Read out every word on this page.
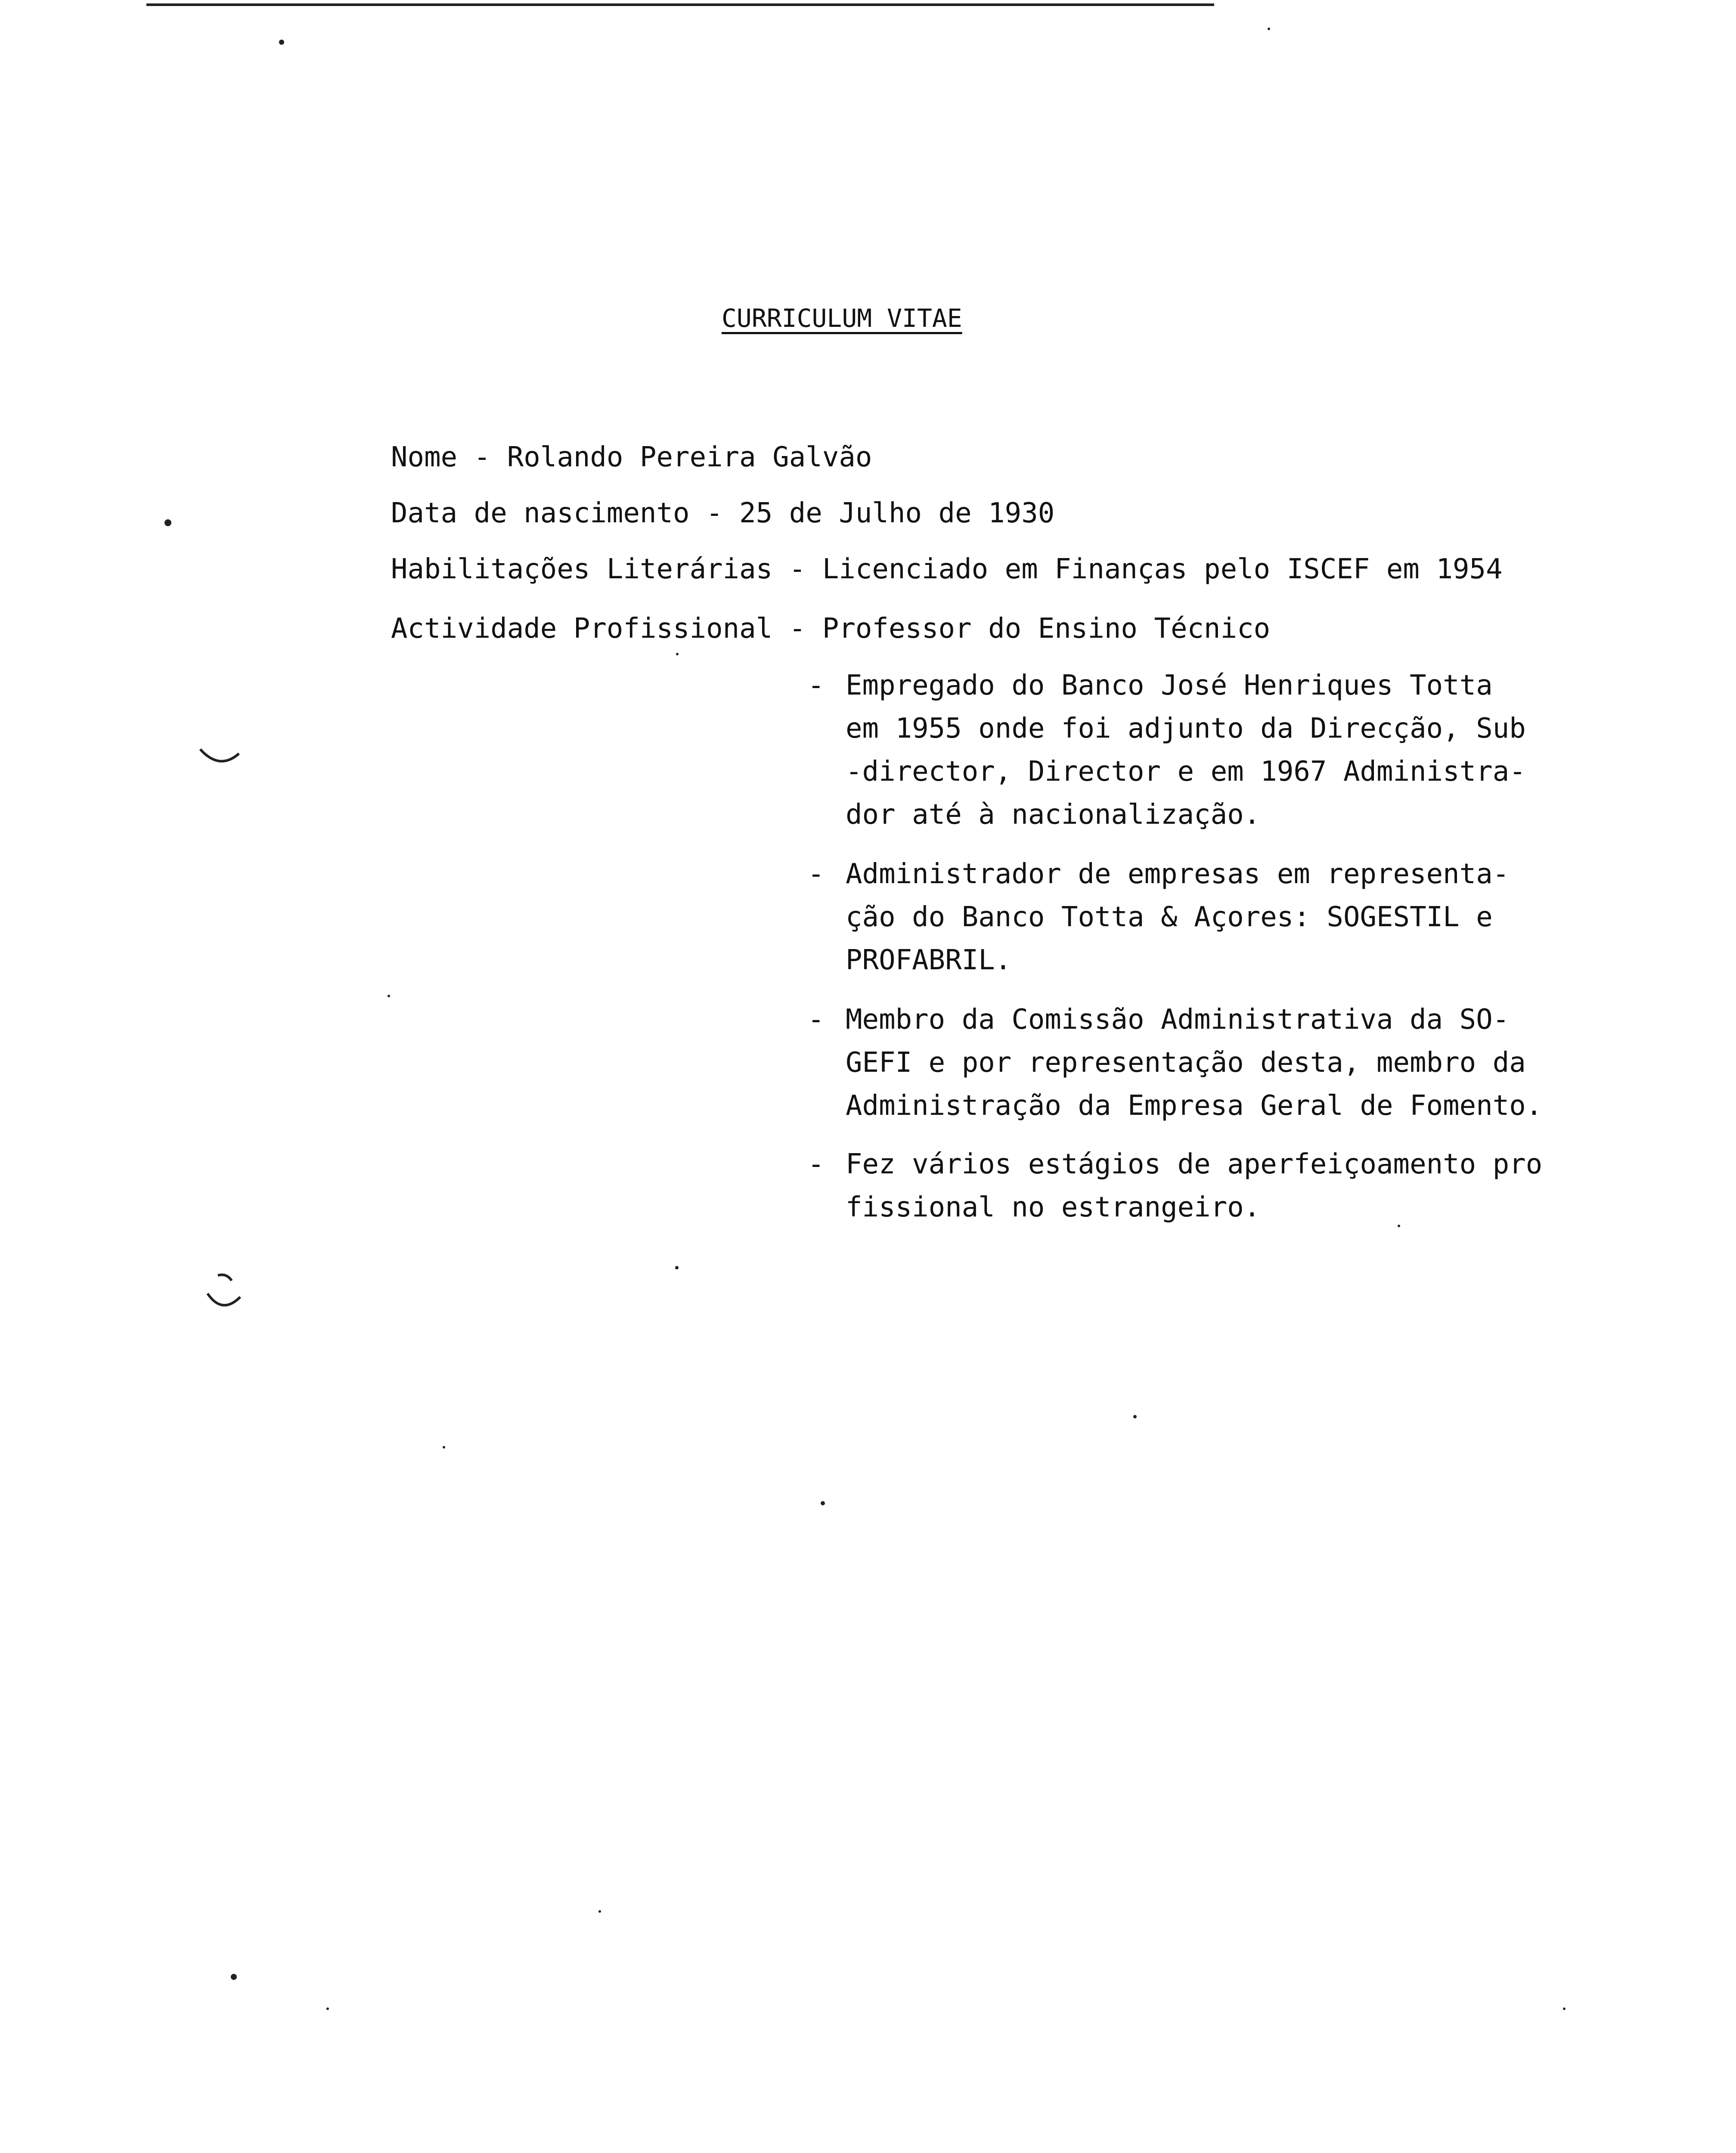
CURRICULUM VITAE
Nome - Rolando Pereira Galvão
Data de nascimento - 25 de Julho de 1930
Habilitações Literárias - Licenciado em Finanças pelo ISCEF em 1954
Actividade Profissional - Professor do Ensino Técnico
- Empregado do Banco José Henriques Totta
em 1955 onde foi adjunto da Direcção, Sub
-director, Director e em 1967 Administra-
dor até à nacionalização.
- Administrador de empresas em representa-
ção do Banco Totta & Açores: SOGESTIL e
PROFABRIL.
- Membro da Comissão Administrativa da SO-
GEFI e por representação desta, membro da
Administração da Empresa Geral de Fomento.
- Fez vários estágios de aperfeiçoamento pro
fissional no estrangeiro.
